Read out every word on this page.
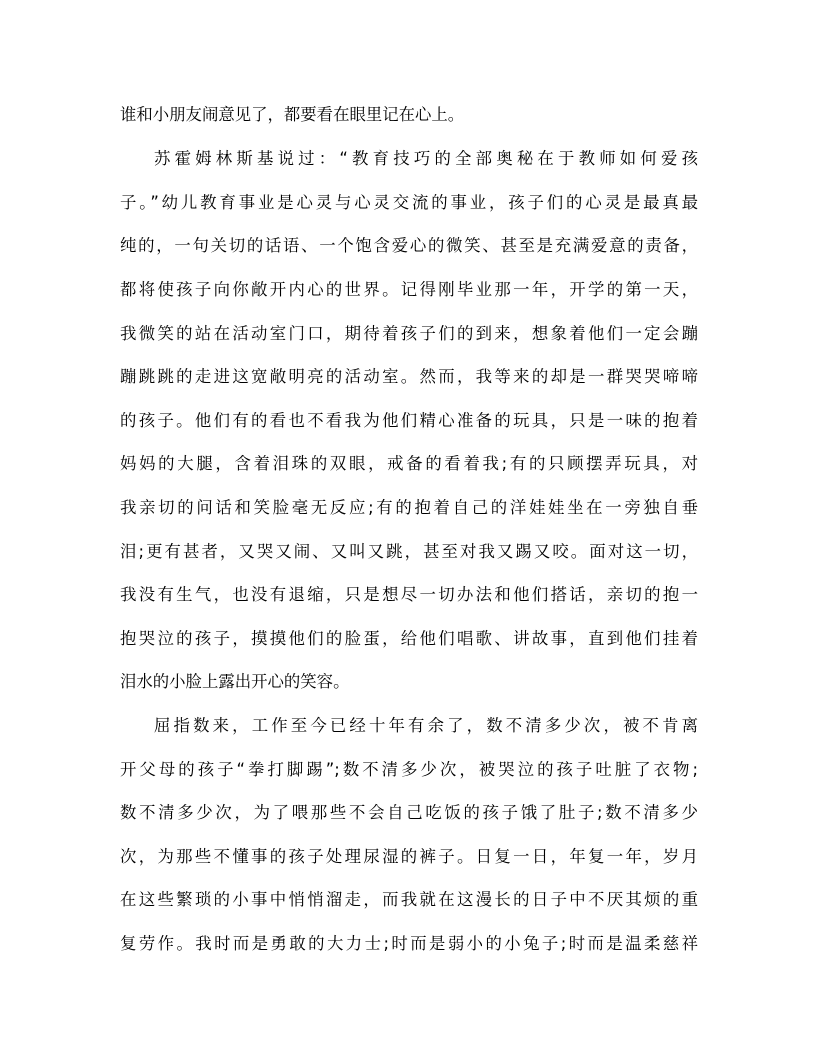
谁和小朋友闹意见了，都要看在眼里记在心上。
苏霍姆林斯基说过：“教育技巧的全部奥秘在于教师如何爱孩
子。”幼儿教育事业是心灵与心灵交流的事业，孩子们的心灵是最真最
纯的，一句关切的话语、一个饱含爱心的微笑、甚至是充满爱意的责备，
都将使孩子向你敞开内心的世界。记得刚毕业那一年，开学的第一天，
我微笑的站在活动室门口，期待着孩子们的到来，想象着他们一定会蹦
蹦跳跳的走进这宽敞明亮的活动室。然而，我等来的却是一群哭哭啼啼
的孩子。他们有的看也不看我为他们精心准备的玩具，只是一味的抱着
妈妈的大腿，含着泪珠的双眼，戒备的看着我;有的只顾摆弄玩具，对
我亲切的问话和笑脸毫无反应;有的抱着自己的洋娃娃坐在一旁独自垂
泪;更有甚者，又哭又闹、又叫又跳，甚至对我又踢又咬。面对这一切，
我没有生气，也没有退缩，只是想尽一切办法和他们搭话，亲切的抱一
抱哭泣的孩子，摸摸他们的脸蛋，给他们唱歌、讲故事，直到他们挂着
泪水的小脸上露出开心的笑容。
屈指数来，工作至今已经十年有余了，数不清多少次，被不肯离
开父母的孩子“拳打脚踢”;数不清多少次，被哭泣的孩子吐脏了衣物;
数不清多少次，为了喂那些不会自己吃饭的孩子饿了肚子;数不清多少
次，为那些不懂事的孩子处理尿湿的裤子。日复一日，年复一年，岁月
在这些繁琐的小事中悄悄溜走，而我就在这漫长的日子中不厌其烦的重
复劳作。我时而是勇敢的大力士;时而是弱小的小兔子;时而是温柔慈祥
